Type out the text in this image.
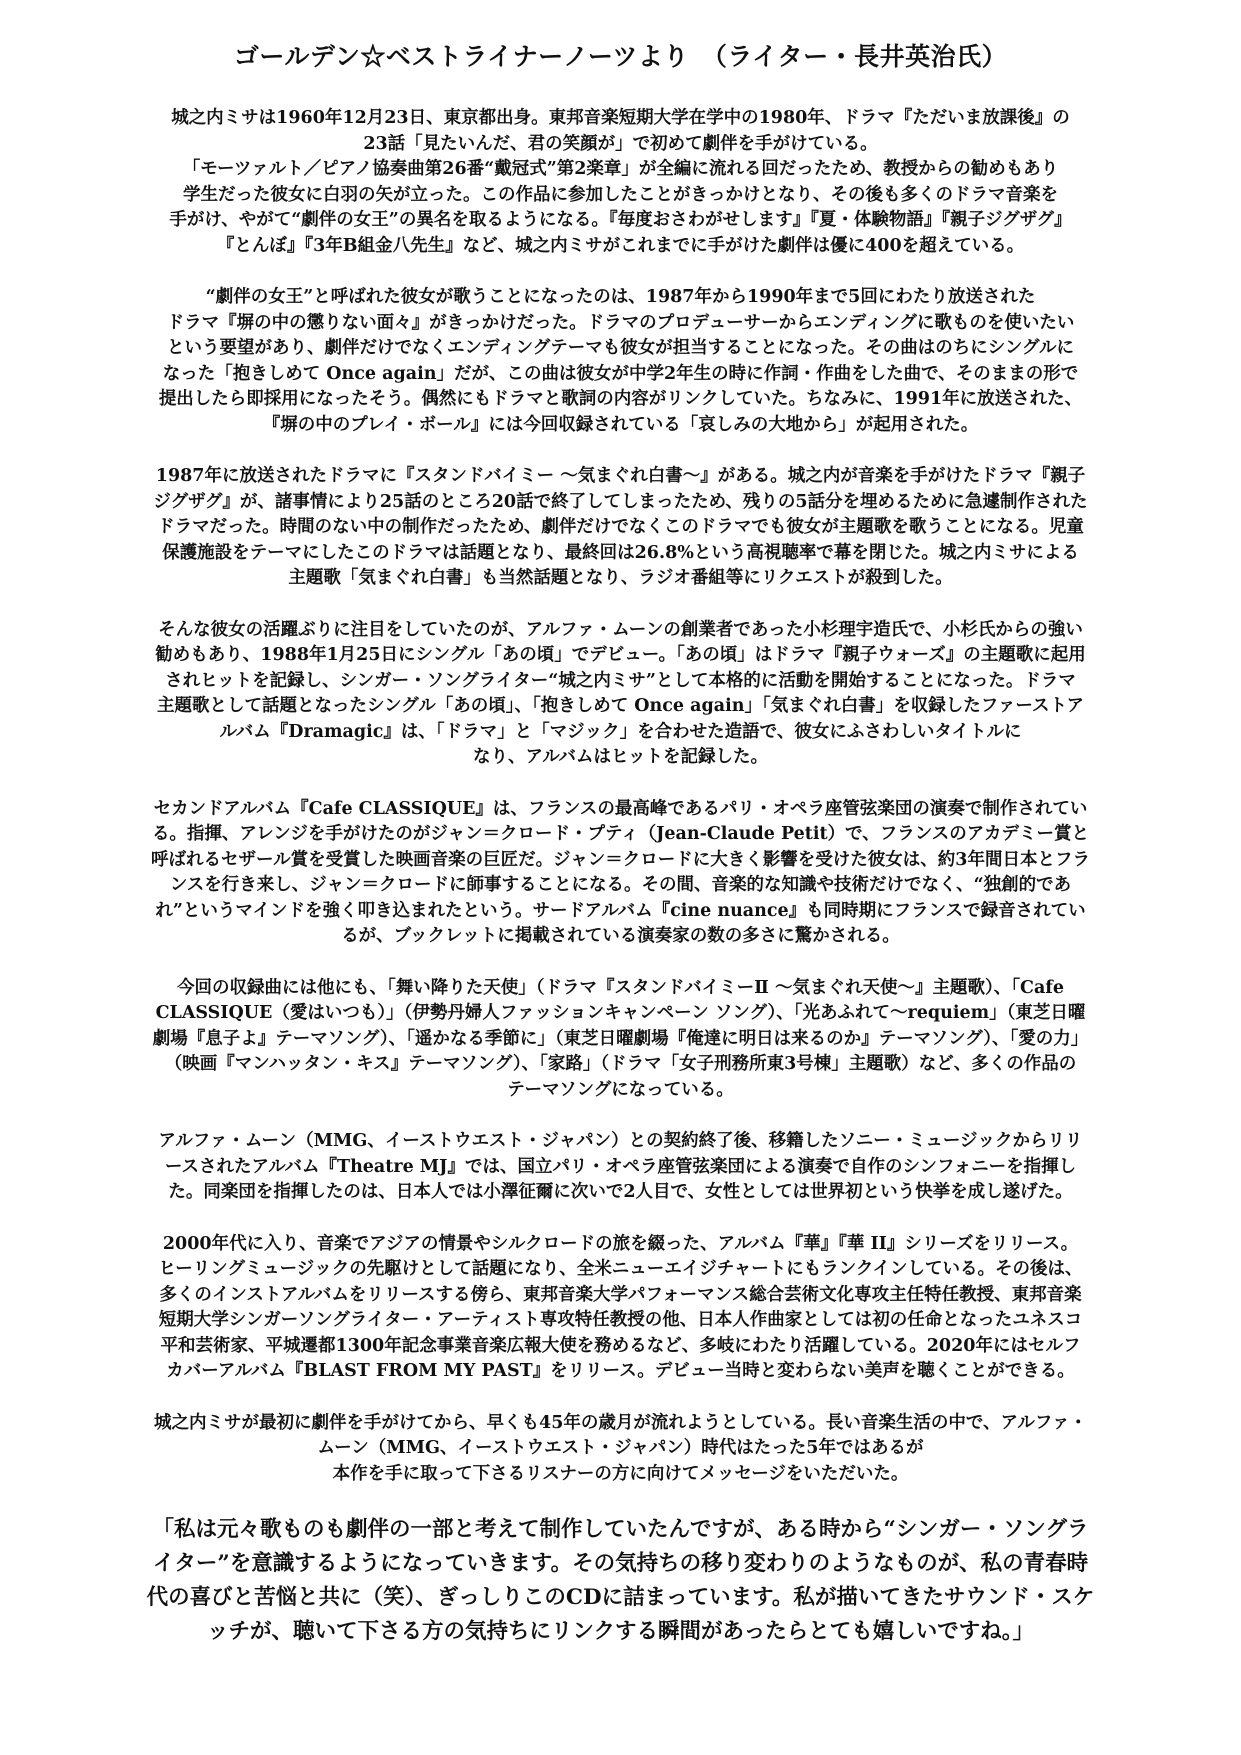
ゴールデン☆ベストライナーノーツより　（ライター・長井英治氏）
城之内ミサは1960年12月23日、東京都出身。東邦音楽短期大学在学中の1980年、ドラマ『ただいま放課後』の
23話「見たいんだ、君の笑顔が」で初めて劇伴を手がけている。
「モーツァルト／ピアノ協奏曲第26番“戴冠式”第2楽章」が全編に流れる回だったため、教授からの勧めもあり
学生だった彼女に白羽の矢が立った。この作品に参加したことがきっかけとなり、その後も多くのドラマ音楽を
手がけ、やがて“劇伴の女王”の異名を取るようになる。『毎度おさわがせします』『夏・体験物語』『親子ジグザグ』
『とんぼ』『3年B組金八先生』など、城之内ミサがこれまでに手がけた劇伴は優に400を超えている。
“劇伴の女王”と呼ばれた彼女が歌うことになったのは、1987年から1990年まで5回にわたり放送された
ドラマ『塀の中の懲りない面々』がきっかけだった。ドラマのプロデューサーからエンディングに歌ものを使いたい
という要望があり、劇伴だけでなくエンディングテーマも彼女が担当することになった。その曲はのちにシングルに
なった「抱きしめて Once again」だが、この曲は彼女が中学2年生の時に作詞・作曲をした曲で、そのままの形で
提出したら即採用になったそう。偶然にもドラマと歌詞の内容がリンクしていた。ちなみに、1991年に放送された、
『塀の中のプレイ・ボール』には今回収録されている「哀しみの大地から」が起用された。
1987年に放送されたドラマに『スタンドバイミー ～気まぐれ白書～』がある。城之内が音楽を手がけたドラマ『親子
ジグザグ』が、諸事情により25話のところ20話で終了してしまったため、残りの5話分を埋めるために急遽制作された
ドラマだった。時間のない中の制作だったため、劇伴だけでなくこのドラマでも彼女が主題歌を歌うことになる。児童
保護施設をテーマにしたこのドラマは話題となり、最終回は26.8%という高視聴率で幕を閉じた。城之内ミサによる
主題歌「気まぐれ白書」も当然話題となり、ラジオ番組等にリクエストが殺到した。
そんな彼女の活躍ぶりに注目をしていたのが、アルファ・ムーンの創業者であった小杉理宇造氏で、小杉氏からの強い
勧めもあり、1988年1月25日にシングル「あの頃」でデビュー。「あの頃」はドラマ『親子ウォーズ』の主題歌に起用
されヒットを記録し、シンガー・ソングライター“城之内ミサ”として本格的に活動を開始することになった。ドラマ
主題歌として話題となったシングル「あの頃」、「抱きしめて Once again」「気まぐれ白書」を収録したファーストア
ルバム『Dramagic』は、「ドラマ」と「マジック」を合わせた造語で、彼女にふさわしいタイトルに
なり、アルバムはヒットを記録した。
セカンドアルバム『Cafe CLASSIQUE』は、フランスの最高峰であるパリ・オペラ座管弦楽団の演奏で制作されてい
る。指揮、アレンジを手がけたのがジャン＝クロード・プティ（Jean-Claude Petit）で、フランスのアカデミー賞と
呼ばれるセザール賞を受賞した映画音楽の巨匠だ。ジャン＝クロードに大きく影響を受けた彼女は、約3年間日本とフラ
ンスを行き来し、ジャン＝クロードに師事することになる。その間、音楽的な知識や技術だけでなく、“独創的であ
れ”というマインドを強く叩き込まれたという。サードアルバム『cine nuance』も同時期にフランスで録音されてい
るが、ブックレットに掲載されている演奏家の数の多さに驚かされる。
今回の収録曲には他にも、「舞い降りた天使」（ドラマ『スタンドバイミーⅡ ～気まぐれ天使～』主題歌）、「Cafe
CLASSIQUE（愛はいつも）」（伊勢丹婦人ファッションキャンペーン ソング）、「光あふれて～requiem」（東芝日曜
劇場『息子よ』テーマソング）、「遥かなる季節に」（東芝日曜劇場『俺達に明日は来るのか』テーマソング）、「愛の力」
（映画『マンハッタン・キス』テーマソング）、「家路」（ドラマ「女子刑務所東3号棟」主題歌）など、多くの作品の
テーマソングになっている。
アルファ・ムーン（MMG、イーストウエスト・ジャパン）との契約終了後、移籍したソニー・ミュージックからリリ
ースされたアルバム『Theatre MJ』では、国立パリ・オペラ座管弦楽団による演奏で自作のシンフォニーを指揮し
た。同楽団を指揮したのは、日本人では小澤征爾に次いで2人目で、女性としては世界初という快挙を成し遂げた。
2000年代に入り、音楽でアジアの情景やシルクロードの旅を綴った、アルバム『華』『華 II』シリーズをリリース。
ヒーリングミュージックの先駆けとして話題になり、全米ニューエイジチャートにもランクインしている。その後は、
多くのインストアルバムをリリースする傍ら、東邦音楽大学パフォーマンス総合芸術文化専攻主任特任教授、東邦音楽
短期大学シンガーソングライター・アーティスト専攻特任教授の他、日本人作曲家としては初の任命となったユネスコ
平和芸術家、平城遷都1300年記念事業音楽広報大使を務めるなど、多岐にわたり活躍している。2020年にはセルフ
カバーアルバム『BLAST FROM MY PAST』をリリース。デビュー当時と変わらない美声を聴くことができる。
城之内ミサが最初に劇伴を手がけてから、早くも45年の歳月が流れようとしている。長い音楽生活の中で、アルファ・
ムーン（MMG、イーストウエスト・ジャパン）時代はたった5年ではあるが
本作を手に取って下さるリスナーの方に向けてメッセージをいただいた。
「私は元々歌ものも劇伴の一部と考えて制作していたんですが、ある時から“シンガー・ソングラ
イター”を意識するようになっていきます。その気持ちの移り変わりのようなものが、私の青春時
代の喜びと苦悩と共に（笑）、ぎっしりこのCDに詰まっています。私が描いてきたサウンド・スケ
ッチが、聴いて下さる方の気持ちにリンクする瞬間があったらとても嬉しいですね。」
